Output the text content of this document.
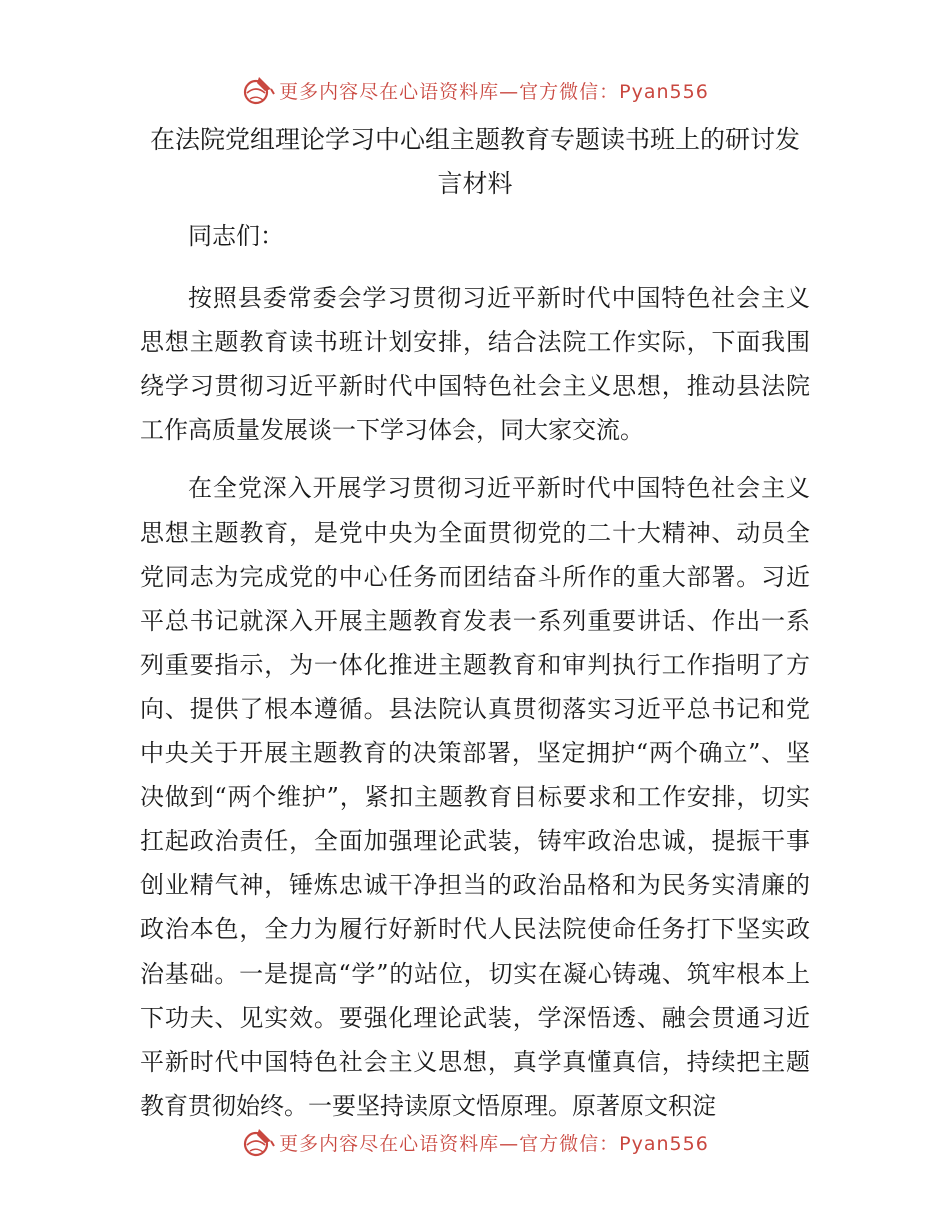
更多内容尽在心语资料库—官方微信：Pyan556
在法院党组理论学习中心组主题教育专题读书班上的研讨发言材料

同志们：

按照县委常委会学习贯彻习近平新时代中国特色社会主义思想主题教育读书班计划安排，结合法院工作实际，下面我围绕学习贯彻习近平新时代中国特色社会主义思想，推动县法院工作高质量发展谈一下学习体会，同大家交流。

在全党深入开展学习贯彻习近平新时代中国特色社会主义思想主题教育，是党中央为全面贯彻党的二十大精神、动员全党同志为完成党的中心任务而团结奋斗所作的重大部署。习近平总书记就深入开展主题教育发表一系列重要讲话、作出一系列重要指示，为一体化推进主题教育和审判执行工作指明了方向、提供了根本遵循。县法院认真贯彻落实习近平总书记和党中央关于开展主题教育的决策部署，坚定拥护“两个确立”、坚决做到“两个维护”，紧扣主题教育目标要求和工作安排，切实扛起政治责任，全面加强理论武装，铸牢政治忠诚，提振干事创业精气神，锤炼忠诚干净担当的政治品格和为民务实清廉的政治本色，全力为履行好新时代人民法院使命任务打下坚实政治基础。一是提高“学”的站位，切实在凝心铸魂、筑牢根本上下功夫、见实效。要强化理论武装，学深悟透、融会贯通习近平新时代中国特色社会主义思想，真学真懂真信，持续把主题教育贯彻始终。一要坚持读原文悟原理。原著原文积淀

更多内容尽在心语资料库—官方微信：Pyan556
